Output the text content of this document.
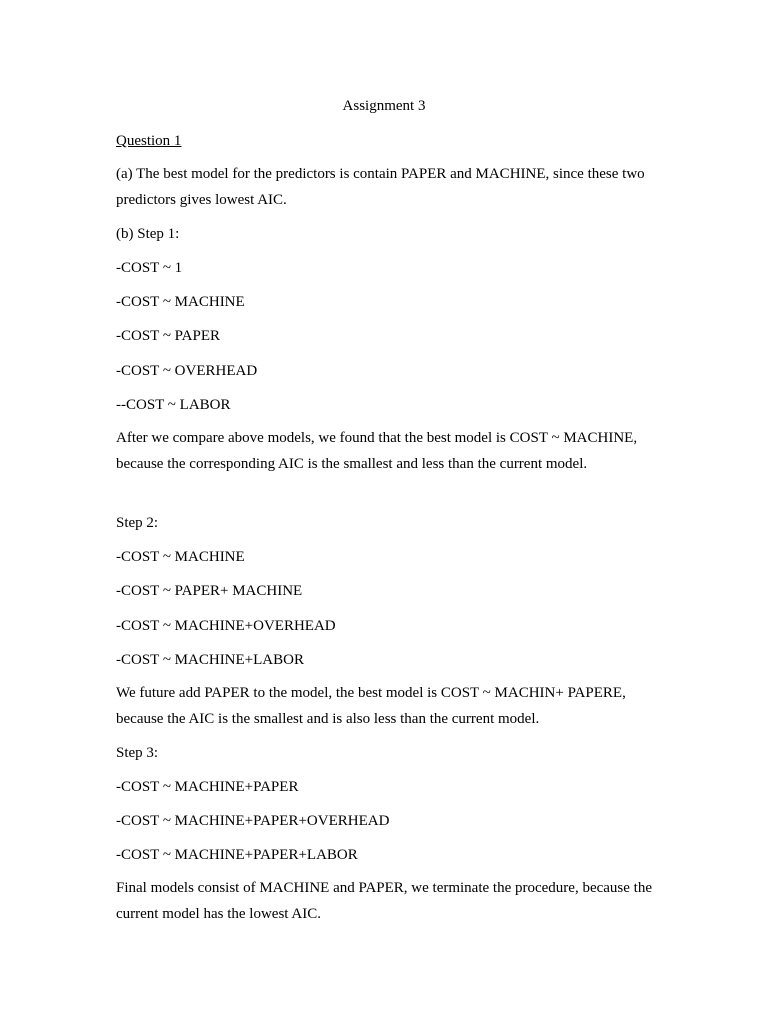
Assignment 3
Question 1
(a) The best model for the predictors is contain PAPER and MACHINE, since these two predictors gives lowest AIC.
(b) Step 1:
-COST ~ 1
-COST ~ MACHINE
-COST ~ PAPER
-COST ~ OVERHEAD
--COST ~ LABOR
After we compare above models, we found that the best model is COST ~ MACHINE, because the corresponding AIC is the smallest and less than the current model.
Step 2:
-COST ~ MACHINE
-COST ~ PAPER+ MACHINE
-COST ~ MACHINE+OVERHEAD
-COST ~ MACHINE+LABOR
We future add PAPER to the model, the best model is COST ~ MACHIN+ PAPERE, because the AIC is the smallest and is also less than the current model.
Step 3:
-COST ~ MACHINE+PAPER
-COST ~ MACHINE+PAPER+OVERHEAD
-COST ~ MACHINE+PAPER+LABOR
Final models consist of MACHINE and PAPER, we terminate the procedure, because the current model has the lowest AIC.
